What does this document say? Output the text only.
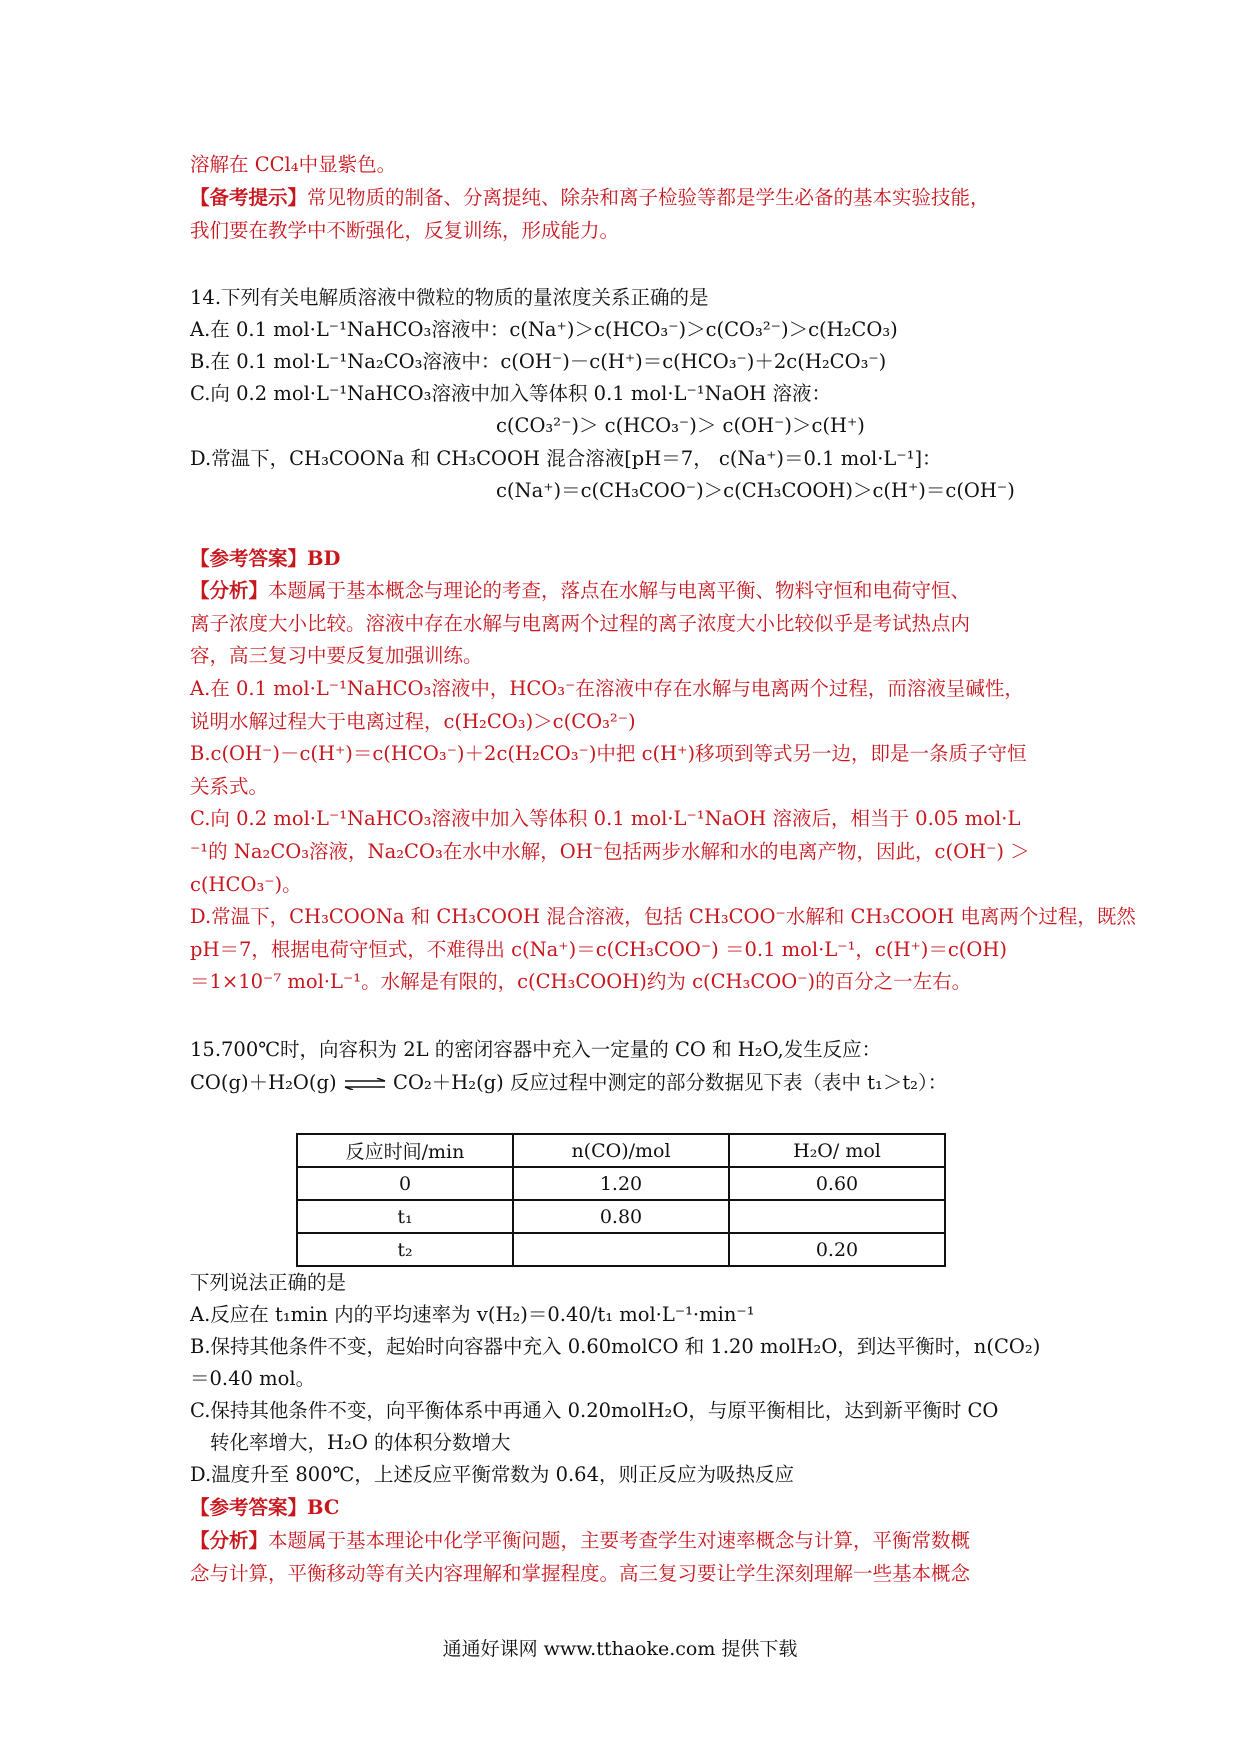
溶解在 CCl₄中显紫色。
【备考提示】常见物质的制备、分离提纯、除杂和离子检验等都是学生必备的基本实验技能，
我们要在教学中不断强化，反复训练，形成能力。
14.下列有关电解质溶液中微粒的物质的量浓度关系正确的是
A.在 0.1 mol·L⁻¹NaHCO₃溶液中：c(Na⁺)＞c(HCO₃⁻)＞c(CO₃²⁻)＞c(H₂CO₃)
B.在 0.1 mol·L⁻¹Na₂CO₃溶液中：c(OH⁻)－c(H⁺)＝c(HCO₃⁻)＋2c(H₂CO₃⁻)
C.向 0.2 mol·L⁻¹NaHCO₃溶液中加入等体积 0.1 mol·L⁻¹NaOH 溶液：
c(CO₃²⁻)＞ c(HCO₃⁻)＞ c(OH⁻)＞c(H⁺)
D.常温下，CH₃COONa 和 CH₃COOH 混合溶液[pH＝7， c(Na⁺)＝0.1 mol·L⁻¹]：
c(Na⁺)＝c(CH₃COO⁻)＞c(CH₃COOH)＞c(H⁺)＝c(OH⁻)
【参考答案】BD
【分析】本题属于基本概念与理论的考查，落点在水解与电离平衡、物料守恒和电荷守恒、
离子浓度大小比较。溶液中存在水解与电离两个过程的离子浓度大小比较似乎是考试热点内
容，高三复习中要反复加强训练。
A.在 0.1 mol·L⁻¹NaHCO₃溶液中，HCO₃⁻在溶液中存在水解与电离两个过程，而溶液呈碱性，
说明水解过程大于电离过程，c(H₂CO₃)＞c(CO₃²⁻)
B.c(OH⁻)－c(H⁺)＝c(HCO₃⁻)＋2c(H₂CO₃⁻)中把 c(H⁺)移项到等式另一边，即是一条质子守恒
关系式。
C.向 0.2 mol·L⁻¹NaHCO₃溶液中加入等体积 0.1 mol·L⁻¹NaOH 溶液后，相当于 0.05 mol·L
⁻¹的 Na₂CO₃溶液，Na₂CO₃在水中水解，OH⁻包括两步水解和水的电离产物，因此，c(OH⁻) ＞
c(HCO₃⁻)。
D.常温下，CH₃COONa 和 CH₃COOH 混合溶液，包括 CH₃COO⁻水解和 CH₃COOH 电离两个过程，既然
pH＝7，根据电荷守恒式，不难得出 c(Na⁺)＝c(CH₃COO⁻) ＝0.1 mol·L⁻¹，c(H⁺)＝c(OH)
＝1×10⁻⁷ mol·L⁻¹。水解是有限的，c(CH₃COOH)约为 c(CH₃COO⁻)的百分之一左右。
15.700℃时，向容积为 2L 的密闭容器中充入一定量的 CO 和 H₂O,发生反应：
CO(g)＋H₂O(g) ⇌ CO₂＋H₂(g) 反应过程中测定的部分数据见下表（表中 t₁＞t₂）：
反应时间/min	n(CO)/mol	H₂O/ mol
0	1.20	0.60
t₁	0.80	
t₂		0.20
下列说法正确的是
A.反应在 t₁min 内的平均速率为 v(H₂)＝0.40/t₁ mol·L⁻¹·min⁻¹
B.保持其他条件不变，起始时向容器中充入 0.60molCO 和 1.20 molH₂O，到达平衡时，n(CO₂)
＝0.40 mol。
C.保持其他条件不变，向平衡体系中再通入 0.20molH₂O，与原平衡相比，达到新平衡时 CO
转化率增大，H₂O 的体积分数增大
D.温度升至 800℃，上述反应平衡常数为 0.64，则正反应为吸热反应
【参考答案】BC
【分析】本题属于基本理论中化学平衡问题，主要考查学生对速率概念与计算，平衡常数概
念与计算，平衡移动等有关内容理解和掌握程度。高三复习要让学生深刻理解一些基本概念
通通好课网 www.tthaoke.com 提供下载
